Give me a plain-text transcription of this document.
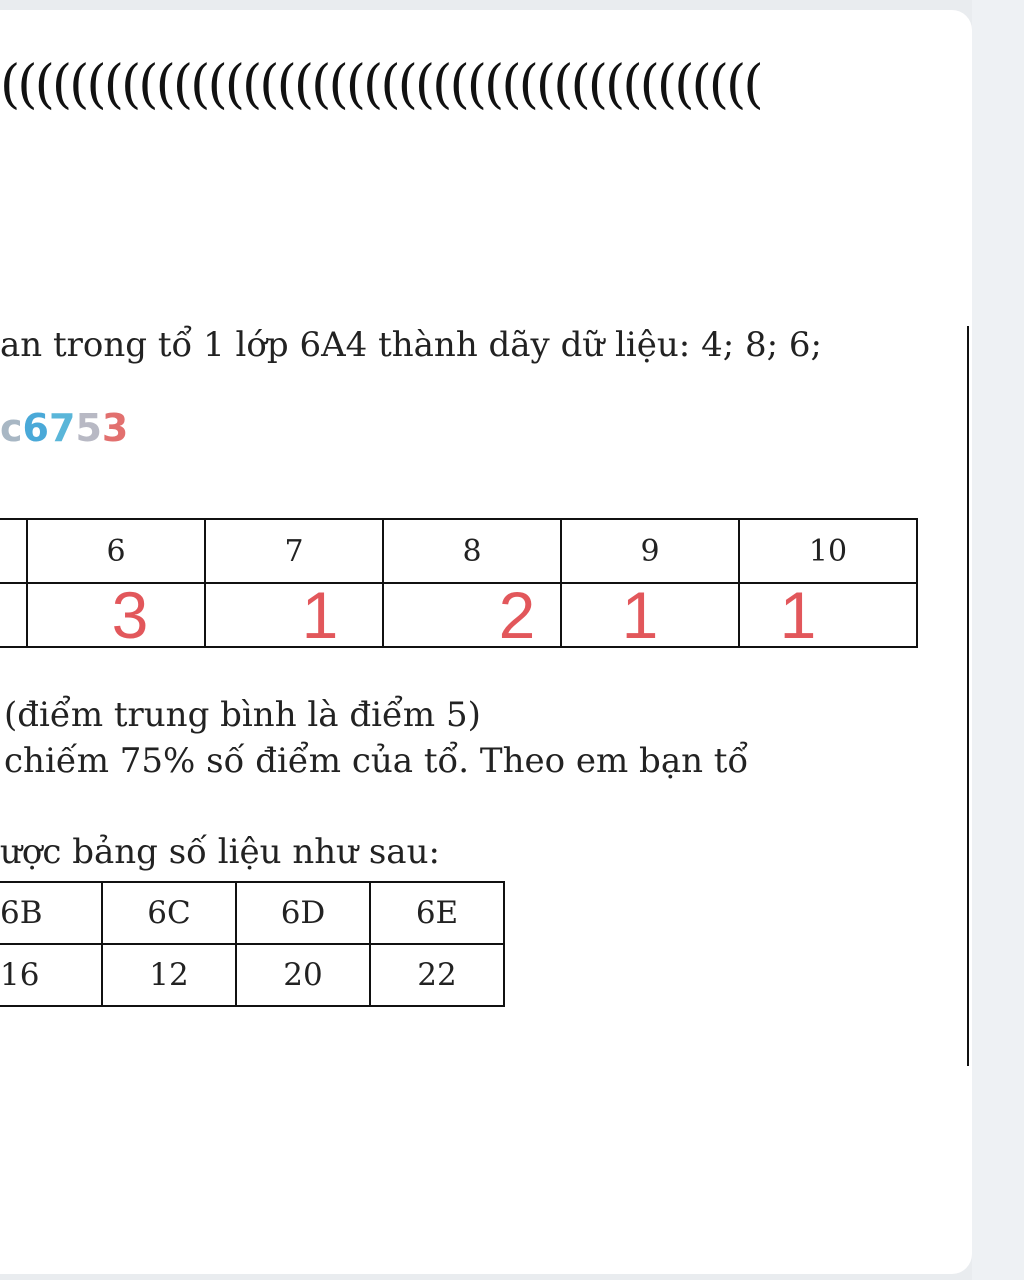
((((((((((((((((((((((((((((((((((((((((((((
an trong tổ 1 lớp 6A4 thành dãy dữ liệu: 4; 8; 6;
c6753
	6	7	8	9	10
	3	1	2	1	1
(điểm trung bình là điểm 5)
chiếm 75% số điểm của tổ. Theo em bạn tổ
ược bảng số liệu như sau:
6B	6C	6D	6E
16	12	20	22
